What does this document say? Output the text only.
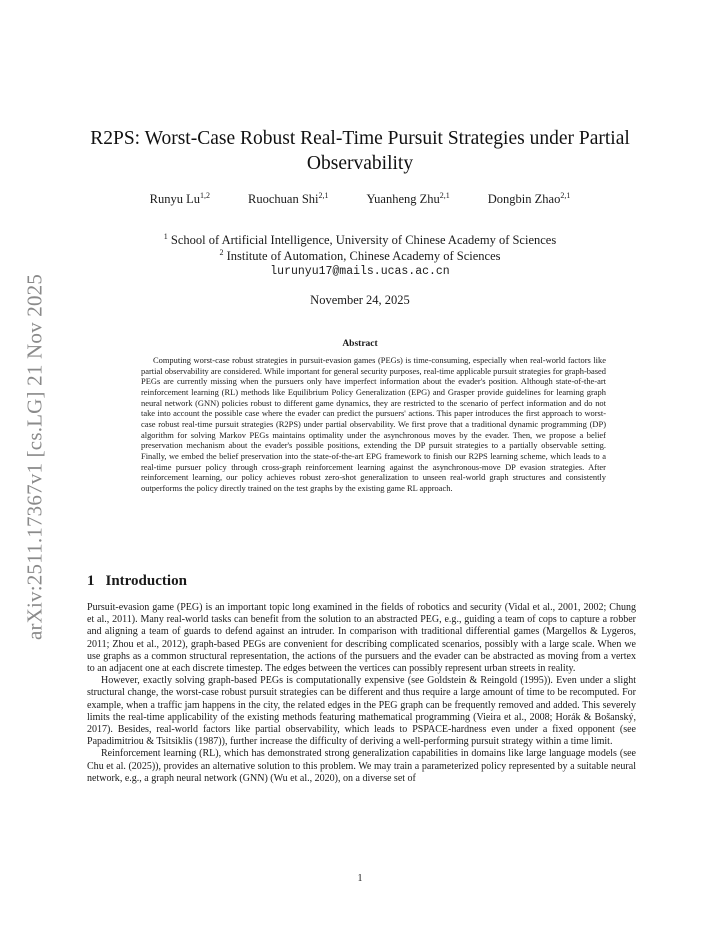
arXiv:2511.17367v1 [cs.LG] 21 Nov 2025
R2PS: Worst-Case Robust Real-Time Pursuit Strategies under Partial Observability
Runyu Lu$^{1,2}$	Ruochuan Shi$^{2,1}$	Yuanheng Zhu$^{2,1}$	Dongbin Zhao$^{2,1}$
$^1$ School of Artificial Intelligence, University of Chinese Academy of Sciences
$^2$ Institute of Automation, Chinese Academy of Sciences
lurunyu17@mails.ucas.ac.cn
November 24, 2025
Abstract
Computing worst-case robust strategies in pursuit-evasion games (PEGs) is time-consuming, especially when real-world factors like partial observability are considered. While important for general security purposes, real-time applicable pursuit strategies for graph-based PEGs are currently missing when the pursuers only have imperfect information about the evader's position. Although state-of-the-art reinforcement learning (RL) methods like Equilibrium Policy Generalization (EPG) and Grasper provide guidelines for learning graph neural network (GNN) policies robust to different game dynamics, they are restricted to the scenario of perfect information and do not take into account the possible case where the evader can predict the pursuers' actions. This paper introduces the first approach to worst-case robust real-time pursuit strategies (R2PS) under partial observability. We first prove that a traditional dynamic programming (DP) algorithm for solving Markov PEGs maintains optimality under the asynchronous moves by the evader. Then, we propose a belief preservation mechanism about the evader's possible positions, extending the DP pursuit strategies to a partially observable setting. Finally, we embed the belief preservation into the state-of-the-art EPG framework to finish our R2PS learning scheme, which leads to a real-time pursuer policy through cross-graph reinforcement learning against the asynchronous-move DP evasion strategies. After reinforcement learning, our policy achieves robust zero-shot generalization to unseen real-world graph structures and consistently outperforms the policy directly trained on the test graphs by the existing game RL approach.
1 Introduction

Pursuit-evasion game (PEG) is an important topic long examined in the fields of robotics and security (Vidal et al., 2001, 2002; Chung et al., 2011). Many real-world tasks can benefit from the solution to an abstracted PEG, e.g., guiding a team of cops to capture a robber and aligning a team of guards to defend against an intruder. In comparison with traditional differential games (Margellos & Lygeros, 2011; Zhou et al., 2012), graph-based PEGs are convenient for describing complicated scenarios, possibly with a large scale. When we use graphs as a common structural representation, the actions of the pursuers and the evader can be abstracted as moving from a vertex to an adjacent one at each discrete timestep. The edges between the vertices can possibly represent urban streets in reality.

However, exactly solving graph-based PEGs is computationally expensive (see Goldstein & Reingold (1995)). Even under a slight structural change, the worst-case robust pursuit strategies can be different and thus require a large amount of time to be recomputed. For example, when a traffic jam happens in the city, the related edges in the PEG graph can be frequently removed and added. This severely limits the real-time applicability of the existing methods featuring mathematical programming (Vieira et al., 2008; Horák & Bošanský, 2017). Besides, real-world factors like partial observability, which leads to PSPACE-hardness even under a fixed opponent (see Papadimitriou & Tsitsiklis (1987)), further increase the difficulty of deriving a well-performing pursuit strategy within a time limit.

Reinforcement learning (RL), which has demonstrated strong generalization capabilities in domains like large language models (see Chu et al. (2025)), provides an alternative solution to this problem. We may train a parameterized policy represented by a suitable neural network, e.g., a graph neural network (GNN) (Wu et al., 2020), on a diverse set of

1
